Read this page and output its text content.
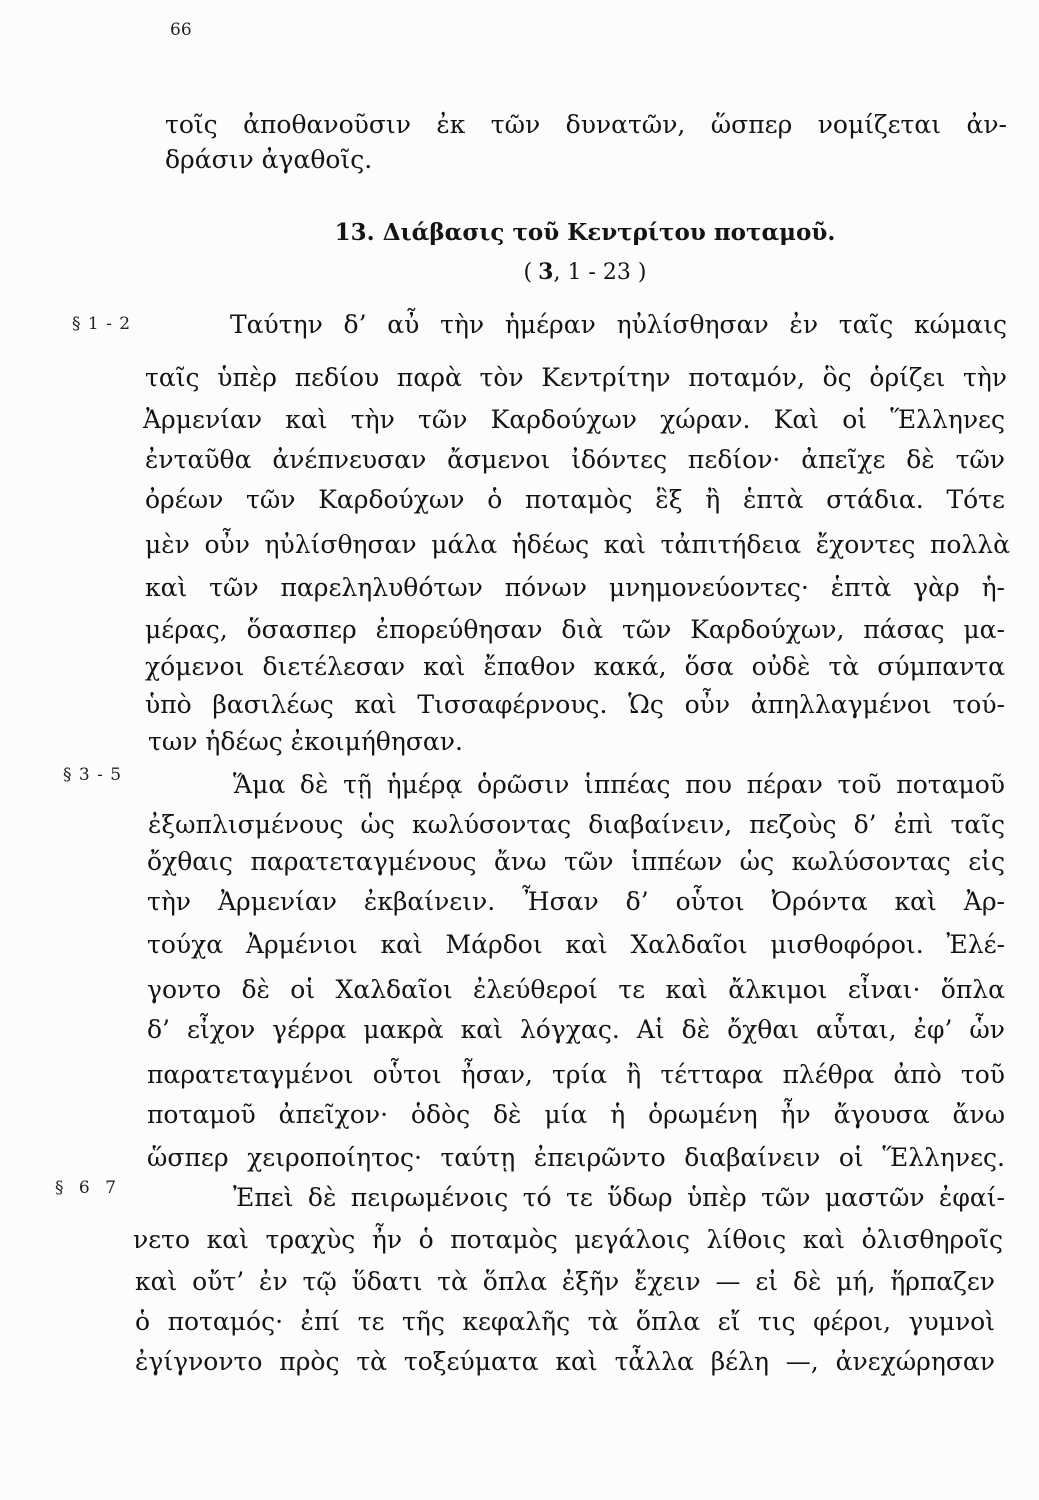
66
τοῖς ἀποθανοῦσιν ἐκ τῶν δυνατῶν, ὥσπερ νομίζεται ἀν-
δράσιν ἀγαθοῖς.
13. Διάβασις τοῦ Κεντρίτου ποταμοῦ.
( 3, 1 - 23 )
§ 1 - 2	Ταύτην δ’ αὖ τὴν ἡμέραν ηὐλίσθησαν ἐν ταῖς κώμαις
ταῖς ὑπὲρ πεδίου παρὰ τὸν Κεντρίτην ποταμόν, ὃς ὁρίζει τὴν
Ἀρμενίαν καὶ τὴν τῶν Καρδούχων χώραν. Καὶ οἱ Ἕλληνες
ἐνταῦθα ἀνέπνευσαν ἄσμενοι ἰδόντες πεδίον· ἀπεῖχε δὲ τῶν
ὀρέων τῶν Καρδούχων ὁ ποταμὸς ἓξ ἢ ἑπτὰ στάδια. Τότε
μὲν οὖν ηὐλίσθησαν μάλα ἡδέως καὶ τἀπιτήδεια ἔχοντες πολλὰ
καὶ τῶν παρεληλυθότων πόνων μνημονεύοντες· ἑπτὰ γὰρ ἡ-
μέρας, ὅσασπερ ἐπορεύθησαν διὰ τῶν Καρδούχων, πάσας μα-
χόμενοι διετέλεσαν καὶ ἔπαθον κακά, ὅσα οὐδὲ τὰ σύμπαντα
ὑπὸ βασιλέως καὶ Τισσαφέρνους. Ὡς οὖν ἀπηλλαγμένοι τού-
των ἡδέως ἐκοιμήθησαν.
§ 3 - 5	Ἅμα δὲ τῇ ἡμέρᾳ ὁρῶσιν ἱππέας που πέραν τοῦ ποταμοῦ
ἐξωπλισμένους ὡς κωλύσοντας διαβαίνειν, πεζοὺς δ’ ἐπὶ ταῖς
ὄχθαις παρατεταγμένους ἄνω τῶν ἱππέων ὡς κωλύσοντας εἰς
τὴν Ἀρμενίαν ἐκβαίνειν. Ἦσαν δ’ οὗτοι Ὀρόντα καὶ Ἀρ-
τούχα Ἀρμένιοι καὶ Μάρδοι καὶ Χαλδαῖοι μισθοφόροι. Ἐλέ-
γοντο δὲ οἱ Χαλδαῖοι ἐλεύθεροί τε καὶ ἄλκιμοι εἶναι· ὅπλα
δ’ εἶχον γέρρα μακρὰ καὶ λόγχας. Αἱ δὲ ὄχθαι αὗται, ἐφ’ ὧν
παρατεταγμένοι οὗτοι ἦσαν, τρία ἢ τέτταρα πλέθρα ἀπὸ τοῦ
ποταμοῦ ἀπεῖχον· ὁδὸς δὲ μία ἡ ὁρωμένη ἦν ἄγουσα ἄνω
ὥσπερ χειροποίητος· ταύτῃ ἐπειρῶντο διαβαίνειν οἱ Ἕλληνες.
§ 6 7	Ἐπεὶ δὲ πειρωμένοις τό τε ὕδωρ ὑπὲρ τῶν μαστῶν ἐφαί-
νετο καὶ τραχὺς ἦν ὁ ποταμὸς μεγάλοις λίθοις καὶ ὀλισθηροῖς
καὶ οὔτ’ ἐν τῷ ὕδατι τὰ ὅπλα ἐξῆν ἔχειν — εἰ δὲ μή, ἥρπαζεν
ὁ ποταμός· ἐπί τε τῆς κεφαλῆς τὰ ὅπλα εἴ τις φέροι, γυμνοὶ
ἐγίγνοντο πρὸς τὰ τοξεύματα καὶ τἆλλα βέλη —, ἀνεχώρησαν
